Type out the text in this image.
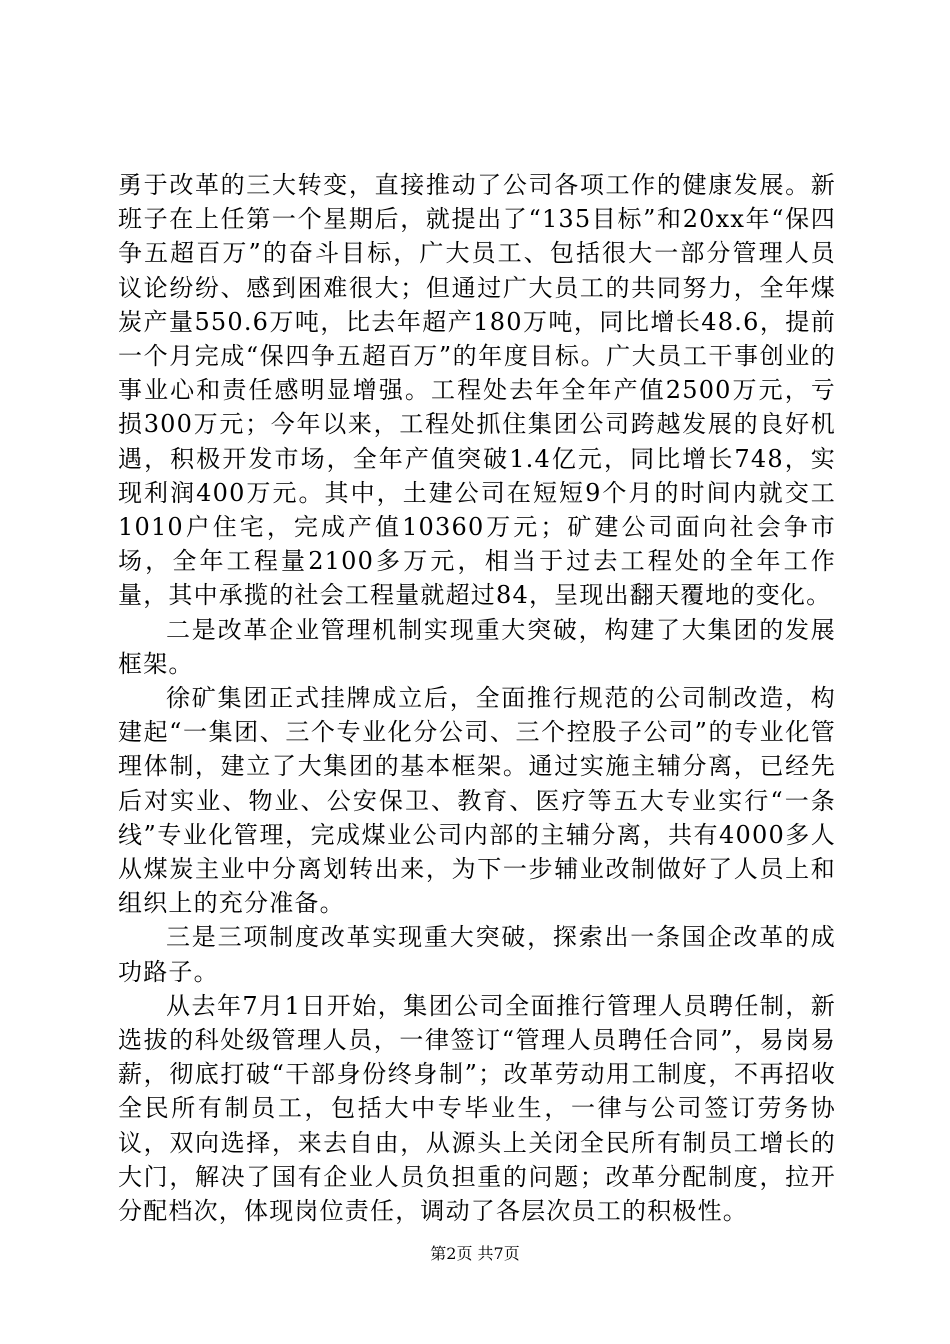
勇于改革的三大转变，直接推动了公司各项工作的健康发展。新班子在上任第一个星期后，就提出了“135目标”和20xx年“保四争五超百万”的奋斗目标，广大员工、包括很大一部分管理人员议论纷纷、感到困难很大；但通过广大员工的共同努力，全年煤炭产量550.6万吨，比去年超产180万吨，同比增长48.6，提前一个月完成“保四争五超百万”的年度目标。广大员工干事创业的事业心和责任感明显增强。工程处去年全年产值2500万元，亏损300万元；今年以来，工程处抓住集团公司跨越发展的良好机遇，积极开发市场，全年产值突破1.4亿元，同比增长748，实现利润400万元。其中，土建公司在短短9个月的时间内就交工1010户住宅，完成产值10360万元；矿建公司面向社会争市场，全年工程量2100多万元，相当于过去工程处的全年工作量，其中承揽的社会工程量就超过84，呈现出翻天覆地的变化。

二是改革企业管理机制实现重大突破，构建了大集团的发展框架。

徐矿集团正式挂牌成立后，全面推行规范的公司制改造，构建起“一集团、三个专业化分公司、三个控股子公司”的专业化管理体制，建立了大集团的基本框架。通过实施主辅分离，已经先后对实业、物业、公安保卫、教育、医疗等五大专业实行“一条线”专业化管理，完成煤业公司内部的主辅分离，共有4000多人从煤炭主业中分离划转出来，为下一步辅业改制做好了人员上和组织上的充分准备。

三是三项制度改革实现重大突破，探索出一条国企改革的成功路子。

从去年7月1日开始，集团公司全面推行管理人员聘任制，新选拔的科处级管理人员，一律签订“管理人员聘任合同”，易岗易薪，彻底打破“干部身份终身制”；改革劳动用工制度，不再招收全民所有制员工，包括大中专毕业生，一律与公司签订劳务协议，双向选择，来去自由，从源头上关闭全民所有制员工增长的大门，解决了国有企业人员负担重的问题；改革分配制度，拉开分配档次，体现岗位责任，调动了各层次员工的积极性。

第2页 共7页
